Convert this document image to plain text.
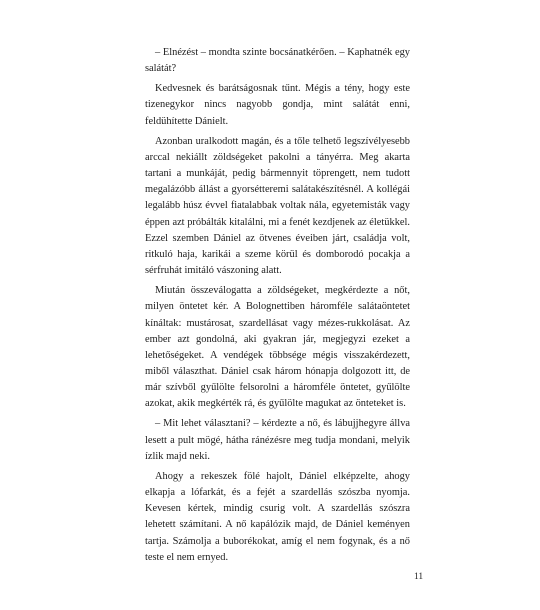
– Elnézést – mondta szinte bocsánatkérően. – Kaphatnék egy salátát?

Kedvesnek és barátságosnak tűnt. Mégis a tény, hogy este tizenegykor nincs nagyobb gondja, mint salátát enni, feldühítette Dánielt.

Azonban uralkodott magán, és a tőle telhető legszívélyesebb arccal nekiállt zöldségeket pakolni a tányérra. Meg akarta tartani a munkáját, pedig bármennyit töprengett, nem tudott megalázóbb állást a gyorsétteremi salátakészítésnél. A kollégái legalább húsz évvel fiatalabbak voltak nála, egyetemisták vagy éppen azt próbálták kitalálni, mi a fenét kezdjenek az életükkel. Ezzel szemben Dániel az ötvenes éveiben járt, családja volt, ritkuló haja, karikái a szeme körül és domborodó pocakja a sérfruhát imitáló vászoning alatt.

Miután összeválogatta a zöldségeket, megkérdezte a nőt, milyen öntetet kér. A Bolognettiben háromféle salátaöntetet kínáltak: mustárosat, szardellásat vagy mézes-rukkolásat. Az ember azt gondolná, aki gyakran jár, megjegyzi ezeket a lehetőségeket. A vendégek többsége mégis visszakérdezett, miből választhat. Dániel csak három hónapja dolgozott itt, de már szívből gyűlölte felsorolni a háromféle öntetet, gyűlölte azokat, akik megkérték rá, és gyűlölte magukat az önteteket is.

– Mit lehet választani? – kérdezte a nő, és lábujjhegyre állva lesett a pult mögé, hátha ránézésre meg tudja mondani, melyik ízlik majd neki.

Ahogy a rekeszek fölé hajolt, Dániel elképzelte, ahogy elkapja a lófarkát, és a fejét a szardellás szószba nyomja. Kevesen kértek, mindig csurig volt. A szardellás szószra lehetett számítani. A nő kapálózik majd, de Dániel keményen tartja. Számolja a buborékokat, amíg el nem fogynak, és a nő teste el nem ernyed.

11
